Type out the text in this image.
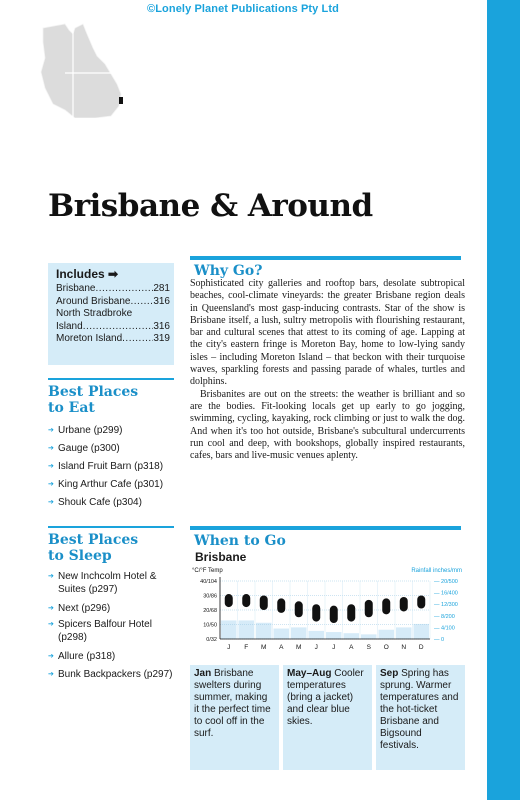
©Lonely Planet Publications Pty Ltd
Brisbane & Around
Includes ➡
Brisbane .....	281
Around Brisbane ..... 316
North Stradbroke
Island .....	316
Moreton Island .....	319
Best Places
to Eat
➔ Urbane (p299)
➔ Gauge (p300)
➔ Island Fruit Barn (p318)
➔ King Arthur Cafe (p301)
➔ Shouk Cafe (p304)
Best Places
to Sleep
➔ New Inchcolm Hotel & Suites (p297)
➔ Next (p296)
➔ Spicers Balfour Hotel (p298)
➔ Allure (p318)
➔ Bunk Backpackers (p297)
Why Go?

Sophisticated city galleries and rooftop bars, desolate subtropical beaches, cool-climate vineyards: the greater Brisbane region deals in Queensland's most gasp-inducing contrasts. Star of the show is Brisbane itself, a lush, sultry metropolis with flourishing restaurant, bar and cultural scenes that attest to its coming of age. Lapping at the city's eastern fringe is Moreton Bay, home to low-lying sandy isles – including Moreton Island – that beckon with their turquoise waves, sparkling forests and passing parade of whales, turtles and dolphins.

Brisbanites are out on the streets: the weather is brilliant and so are the bodies. Fit-looking locals get up early to go jogging, swimming, cycling, kayaking, rock climbing or just to walk the dog. And when it's too hot outside, Brisbane's subcultural undercurrents run cool and deep, with bookshops, globally inspired restaurants, cafes, bars and live-music venues aplenty.

When to Go
Brisbane
°C/°F Temp	Rainfall inches/mm
40/104
30/86
20/68
10/50
0/32
— 20/500
— 16/400
— 12/300
— 8/200
— 4/100
— 0
J F M A M J J A S O N D
Jan Brisbane swelters during summer, making it the perfect time to cool off in the surf.
May–Aug Cooler temperatures (bring a jacket) and clear blue skies.
Sep Spring has sprung. Warmer temperatures and the hot-ticket Brisbane and Bigsound festivals.
